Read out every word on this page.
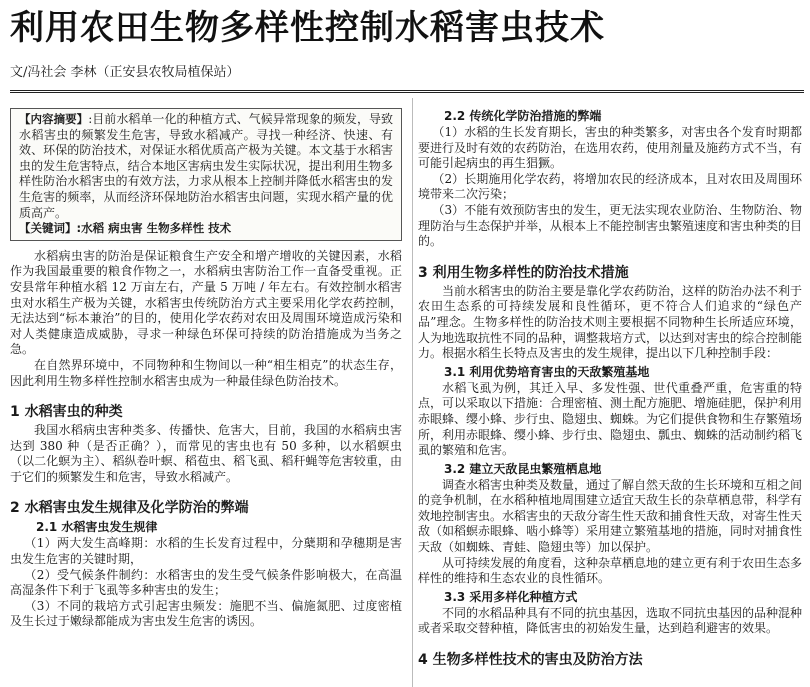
利用农田生物多样性控制水稻害虫技术
文/冯社会 李林（正安县农牧局植保站）

【内容摘要】:目前水稻单一化的种植方式、气候异常现象的频发，导致水稻害虫的频繁发生危害，导致水稻减产。寻找一种经济、快速、有效、环保的防治技术，对保证水稻优质高产极为关键。本文基于水稻害虫的发生危害特点，结合本地区害病虫发生实际状况，提出利用生物多样性防治水稻害虫的有效方法，力求从根本上控制并降低水稻害虫的发生危害的频率，从而经济环保地防治水稻害虫问题，实现水稻产量的优质高产。

【关键词】:水稻 病虫害 生物多样性 技术

水稻病虫害的防治是保证粮食生产安全和增产增收的关键因素，水稻作为我国最重要的粮食作物之一，水稻病虫害防治工作一直备受重视。正安县常年种植水稻 12 万亩左右，产量 5 万吨 / 年左右。有效控制水稻害虫对水稻生产极为关键，水稻害虫传统防治方式主要采用化学农药控制，无法达到“标本兼治”的目的，使用化学农药对农田及周围环境造成污染和对人类健康造成威胁，寻求一种绿色环保可持续的防治措施成为当务之急。

在自然界环境中，不同物种和生物间以一种“相生相克”的状态生存，因此利用生物多样性控制水稻害虫成为一种最佳绿色防治技术。

1 水稻害虫的种类

我国水稻病虫害种类多、传播快、危害大，目前，我国的水稻病虫害达到 380 种（是否正确？），而常见的害虫也有 50 多种，以水稻螟虫（以二化螟为主）、稻纵卷叶螟、稻苞虫、稻飞虱、稻秆蝇等危害较重，由于它们的频繁发生和危害，导致水稻减产。

2 水稻害虫发生规律及化学防治的弊端
2.1 水稻害虫发生规律

（1）两大发生高峰期：水稻的生长发育过程中，分蘖期和孕穗期是害虫发生危害的关键时期，

（2）受气候条件制约：水稻害虫的发生受气候条件影响极大，在高温高湿条件下利于飞虱等多种害虫的发生；

（3）不同的栽培方式引起害虫频发：施肥不当、偏施氮肥、过度密植及生长过于嫩绿都能成为害虫发生危害的诱因。

2.2 传统化学防治措施的弊端

（1）水稻的生长发育期长，害虫的种类繁多，对害虫各个发育时期都要进行及时有效的农药防治，在选用农药，使用剂量及施药方式不当，有可能引起病虫的再生猖獗。

（2）长期施用化学农药，将增加农民的经济成本，且对农田及周围环境带来二次污染；

（3）不能有效预防害虫的发生，更无法实现农业防治、生物防治、物理防治与生态保护并举，从根本上不能控制害虫繁殖速度和害虫种类的目的。

3 利用生物多样性的防治技术措施

当前水稻害虫的防治主要是靠化学农药防治，这样的防治办法不利于农田生态系的可持续发展和良性循环，更不符合人们追求的“绿色产品”理念。生物多样性的防治技术则主要根据不同物种生长所适应环境，人为地选取抗性不同的品种，调整栽培方式，以达到对害虫的综合控制能力。根据水稻生长特点及害虫的发生规律，提出以下几种控制手段：

3.1 利用优势培育害虫的天敌繁殖基地

水稻飞虱为例，其迁入早、多发性强、世代重叠严重，危害重的特点，可以采取以下措施：合理密植、测土配方施肥、增施硅肥，保护利用赤眼蜂、缨小蜂、步行虫、隐翅虫、蜘蛛。为它们提供食物和生存繁殖场所，利用赤眼蜂、缨小蜂、步行虫、隐翅虫、瓢虫、蜘蛛的活动制约稻飞虱的繁殖和危害。

3.2 建立天敌昆虫繁殖栖息地

调查水稻害虫种类及数量，通过了解自然天敌的生长环境和互相之间的竞争机制，在水稻种植地周围建立适宜天敌生长的杂草栖息带，科学有效地控制害虫。水稻害虫的天敌分寄生性天敌和捕食性天敌，对寄生性天敌（如稻螟赤眼蜂、啮小蜂等）采用建立繁殖基地的措施，同时对捕食性天敌（如蜘蛛、青蛙、隐翅虫等）加以保护。

从可持续发展的角度看，这种杂草栖息地的建立更有利于农田生态多样性的维持和生态农业的良性循环。

3.3 采用多样化种植方式

不同的水稻品种具有不同的抗虫基因，选取不同抗虫基因的品种混种或者采取交替种植，降低害虫的初始发生量，达到趋利避害的效果。

4 生物多样性技术的害虫及防治方法
